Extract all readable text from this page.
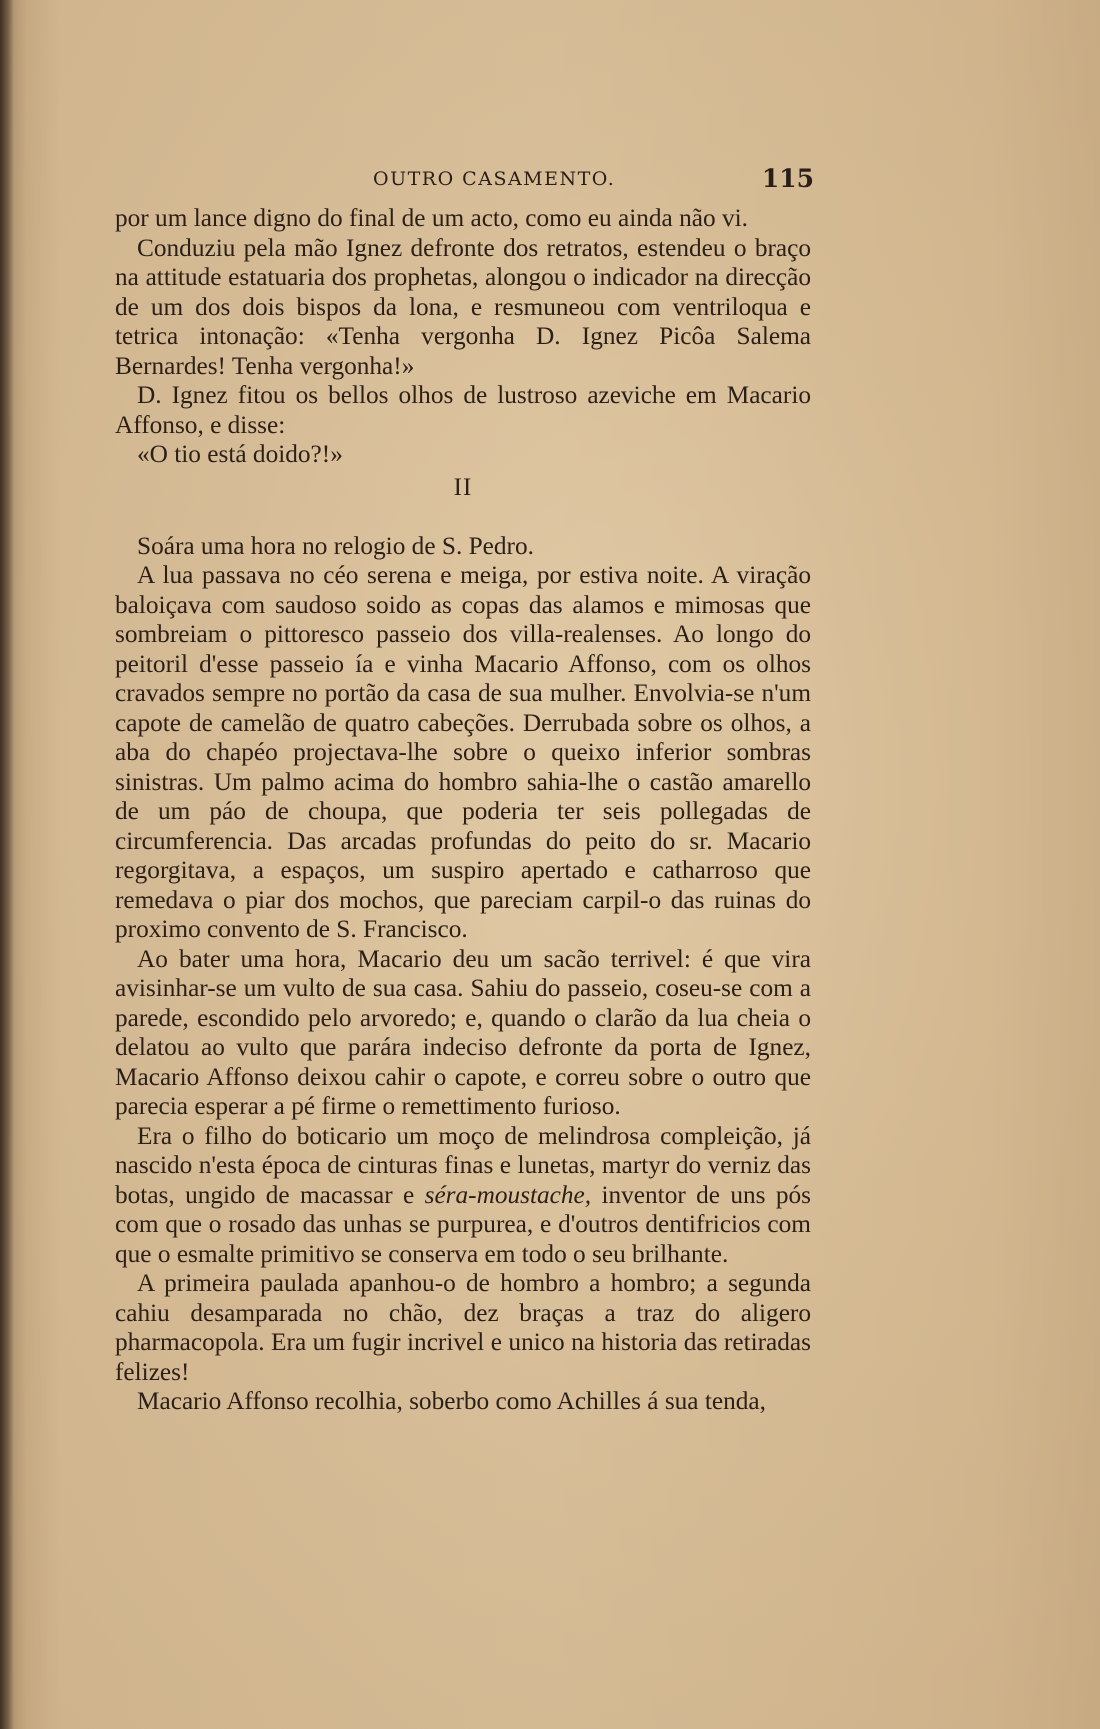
OUTRO CASAMENTO.	115

por um lance digno do final de um acto, como eu ainda não vi.

Conduziu pela mão Ignez defronte dos retratos, estendeu o braço na attitude estatuaria dos prophetas, alongou o indicador na direcção de um dos dois bispos da lona, e resmuneou com ventriloqua e tetrica intonação: «Tenha vergonha D. Ignez Picôa Salema Bernardes! Tenha vergonha!»

D. Ignez fitou os bellos olhos de lustroso azeviche em Macario Affonso, e disse:

«O tio está doido?!»

II

Soára uma hora no relogio de S. Pedro.

A lua passava no céo serena e meiga, por estiva noite. A viração baloiçava com saudoso soido as copas das alamos e mimosas que sombreiam o pittoresco passeio dos villa-realenses. Ao longo do peitoril d'esse passeio ía e vinha Macario Affonso, com os olhos cravados sempre no portão da casa de sua mulher. Envolvia-se n'um capote de camelão de quatro cabeções. Derrubada sobre os olhos, a aba do chapéo projectava-lhe sobre o queixo inferior sombras sinistras. Um palmo acima do hombro sahia-lhe o castão amarello de um páo de choupa, que poderia ter seis pollegadas de circumferencia. Das arcadas profundas do peito do sr. Macario regorgitava, a espaços, um suspiro apertado e catharroso que remedava o piar dos mochos, que pareciam carpil-o das ruinas do proximo convento de S. Francisco.

Ao bater uma hora, Macario deu um sacão terrivel: é que vira avisinhar-se um vulto de sua casa. Sahiu do passeio, coseu-se com a parede, escondido pelo arvoredo; e, quando o clarão da lua cheia o delatou ao vulto que parára indeciso defronte da porta de Ignez, Macario Affonso deixou cahir o capote, e correu sobre o outro que parecia esperar a pé firme o remettimento furioso.

Era o filho do boticario um moço de melindrosa compleição, já nascido n'esta época de cinturas finas e lunetas, martyr do verniz das botas, ungido de macassar e séra-moustache, inventor de uns pós com que o rosado das unhas se purpurea, e d'outros dentifricios com que o esmalte primitivo se conserva em todo o seu brilhante.

A primeira paulada apanhou-o de hombro a hombro; a segunda cahiu desamparada no chão, dez braças a traz do aligero pharmacopola. Era um fugir incrivel e unico na historia das retiradas felizes!

Macario Affonso recolhia, soberbo como Achilles á sua tenda,
